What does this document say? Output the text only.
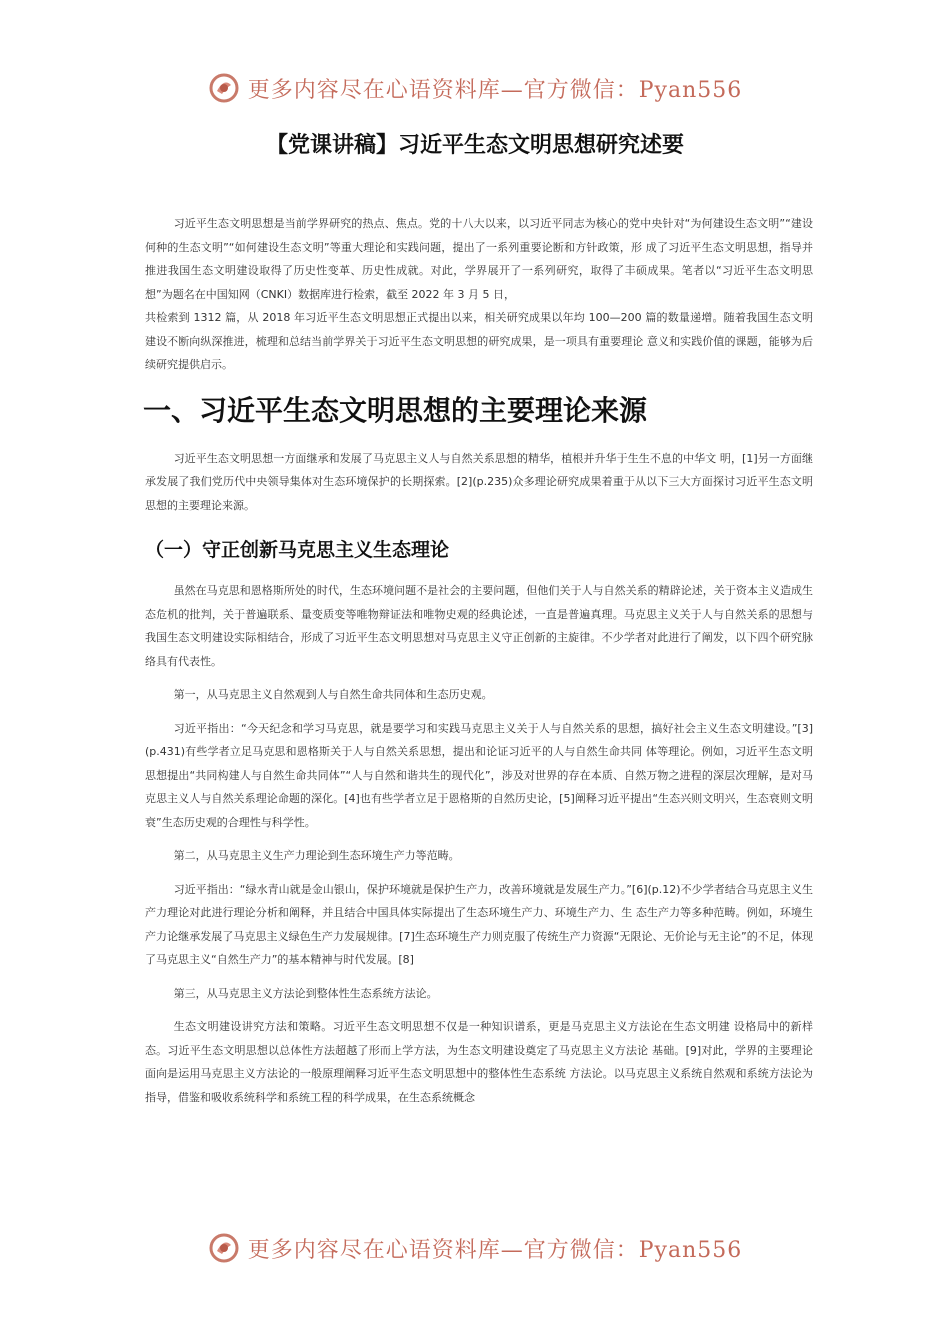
更多内容尽在心语资料库—官方微信：Pyan556
【党课讲稿】习近平生态文明思想研究述要

习近平生态文明思想是当前学界研究的热点、焦点。党的十八大以来，以习近平同志为核心的党中央针对“为何建设生态文明”“建设何种的生态文明”“如何建设生态文明”等重大理论和实践问题，提出了一系列重要论断和方针政策，形 成了习近平生态文明思想，指导并推进我国生态文明建设取得了历史性变革、历史性成就。对此，学界展开了一系列研究，取得了丰硕成果。笔者以“习近平生态文明思想”为题名在中国知网（CNKI）数据库进行检索，截至 2022 年 3 月 5 日，

共检索到 1312 篇，从 2018 年习近平生态文明思想正式提出以来，相关研究成果以年均 100—200 篇的数量递增。随着我国生态文明建设不断向纵深推进，梳理和总结当前学界关于习近平生态文明思想的研究成果，是一项具有重要理论 意义和实践价值的课题，能够为后续研究提供启示。

一、习近平生态文明思想的主要理论来源

习近平生态文明思想一方面继承和发展了马克思主义人与自然关系思想的精华，植根并升华于生生不息的中华文 明，[1]另一方面继承发展了我们党历代中央领导集体对生态环境保护的长期探索。[2](p.235)众多理论研究成果着重于从以下三大方面探讨习近平生态文明思想的主要理论来源。

（一）守正创新马克思主义生态理论

虽然在马克思和恩格斯所处的时代，生态环境问题不是社会的主要问题，但他们关于人与自然关系的精辟论述，关于资本主义造成生态危机的批判，关于普遍联系、量变质变等唯物辩证法和唯物史观的经典论述，一直是普遍真理。马克思主义关于人与自然关系的思想与我国生态文明建设实际相结合，形成了习近平生态文明思想对马克思主义守正创新的主旋律。不少学者对此进行了阐发，以下四个研究脉络具有代表性。

第一，从马克思主义自然观到人与自然生命共同体和生态历史观。

习近平指出：“今天纪念和学习马克思，就是要学习和实践马克思主义关于人与自然关系的思想，搞好社会主义生态文明建设。”[3](p.431)有些学者立足马克思和恩格斯关于人与自然关系思想，提出和论证习近平的人与自然生命共同 体等理论。例如，习近平生态文明思想提出“共同构建人与自然生命共同体”“人与自然和谐共生的现代化”，涉及对世界的存在本质、自然万物之进程的深层次理解，是对马克思主义人与自然关系理论命题的深化。[4]也有些学者立足于恩格斯的自然历史论，[5]阐释习近平提出“生态兴则文明兴，生态衰则文明衰”生态历史观的合理性与科学性。

第二，从马克思主义生产力理论到生态环境生产力等范畴。

习近平指出：“绿水青山就是金山银山，保护环境就是保护生产力，改善环境就是发展生产力。”[6](p.12)不少学者结合马克思主义生产力理论对此进行理论分析和阐释，并且结合中国具体实际提出了生态环境生产力、环境生产力、生 态生产力等多种范畴。例如，环境生产力论继承发展了马克思主义绿色生产力发展规律。[7]生态环境生产力则克服了传统生产力资源“无限论、无价论与无主论”的不足，体现了马克思主义“自然生产力”的基本精神与时代发展。[8]

第三，从马克思主义方法论到整体性生态系统方法论。

生态文明建设讲究方法和策略。习近平生态文明思想不仅是一种知识谱系，更是马克思主义方法论在生态文明建 设格局中的新样态。习近平生态文明思想以总体性方法超越了形而上学方法，为生态文明建设奠定了马克思主义方法论 基础。[9]对此，学界的主要理论面向是运用马克思主义方法论的一般原理阐释习近平生态文明思想中的整体性生态系统 方法论。以马克思主义系统自然观和系统方法论为指导，借鉴和吸收系统科学和系统工程的科学成果，在生态系统概念

更多内容尽在心语资料库—官方微信：Pyan556
